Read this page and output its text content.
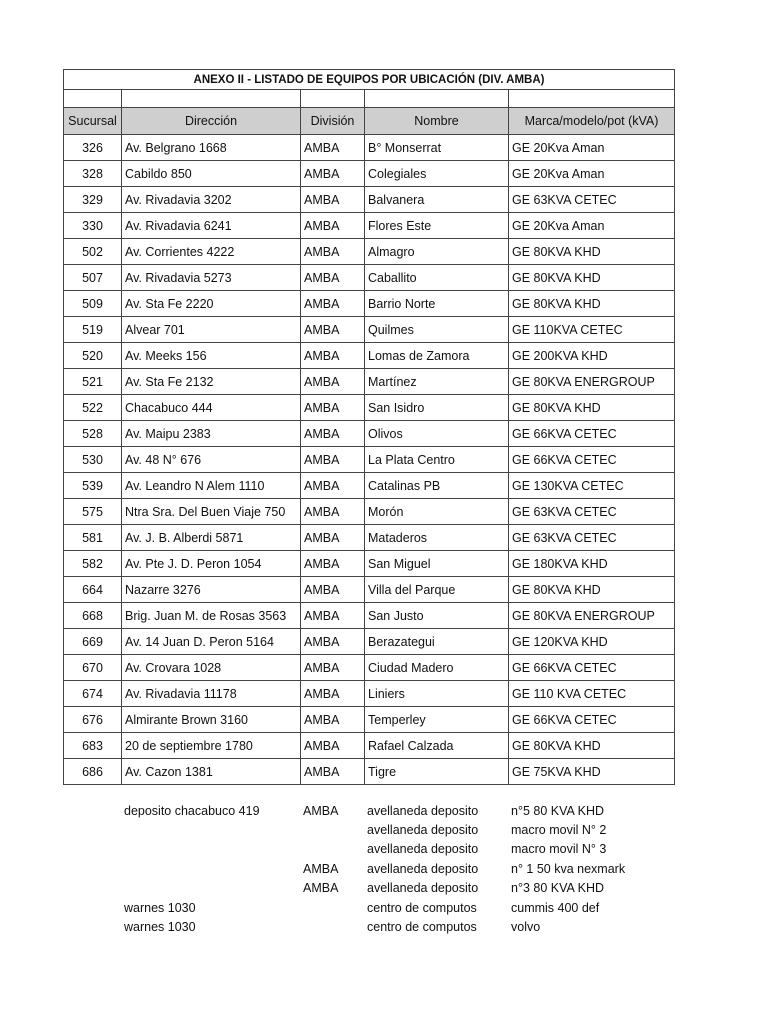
ANEXO II - LISTADO DE EQUIPOS POR UBICACIÓN (DIV. AMBA)				

Sucursal	Dirección	División	Nombre	Marca/modelo/pot (kVA)
326	Av. Belgrano 1668	AMBA	B° Monserrat	GE 20Kva Aman
328	Cabildo 850	AMBA	Colegiales	GE 20Kva Aman
329	Av. Rivadavia 3202	AMBA	Balvanera	GE 63KVA CETEC
330	Av. Rivadavia 6241	AMBA	Flores Este	GE 20Kva Aman
502	Av. Corrientes 4222	AMBA	Almagro	GE 80KVA KHD
507	Av. Rivadavia 5273	AMBA	Caballito	GE 80KVA KHD
509	Av. Sta Fe 2220	AMBA	Barrio Norte	GE 80KVA KHD
519	Alvear 701	AMBA	Quilmes	GE 110KVA CETEC
520	Av. Meeks 156	AMBA	Lomas de Zamora	GE 200KVA KHD
521	Av. Sta Fe 2132	AMBA	Martínez	GE 80KVA ENERGROUP
522	Chacabuco 444	AMBA	San Isidro	GE 80KVA KHD
528	Av. Maipu 2383	AMBA	Olivos	GE 66KVA CETEC
530	Av. 48 N° 676	AMBA	La Plata Centro	GE 66KVA CETEC
539	Av. Leandro N Alem 1110	AMBA	Catalinas PB	GE 130KVA CETEC
575	Ntra Sra. Del Buen Viaje 750	AMBA	Morón	GE 63KVA CETEC
581	Av. J. B. Alberdi 5871	AMBA	Mataderos	GE 63KVA CETEC
582	Av. Pte J. D. Peron 1054	AMBA	San Miguel	GE 180KVA KHD
664	Nazarre 3276	AMBA	Villa del Parque	GE 80KVA KHD
668	Brig. Juan M. de Rosas 3563	AMBA	San Justo	GE 80KVA ENERGROUP
669	Av. 14 Juan D. Peron 5164	AMBA	Berazategui	GE 120KVA KHD
670	Av. Crovara 1028	AMBA	Ciudad Madero	GE 66KVA CETEC
674	Av. Rivadavia 11178	AMBA	Liniers	GE 110 KVA CETEC
676	Almirante Brown 3160	AMBA	Temperley	GE 66KVA CETEC
683	20 de septiembre 1780	AMBA	Rafael Calzada	GE 80KVA KHD
686	Av. Cazon 1381	AMBA	Tigre	GE 75KVA KHD
	deposito chacabuco 419	AMBA	avellaneda deposito	n°5 80 KVA KHD
			avellaneda deposito	macro movil N° 2
			avellaneda deposito	macro movil N° 3
		AMBA	avellaneda deposito	n° 1 50 kva nexmark
		AMBA	avellaneda deposito	n°3 80 KVA KHD
	warnes 1030		centro de computos	cummis 400 def
	warnes 1030		centro de computos	volvo
